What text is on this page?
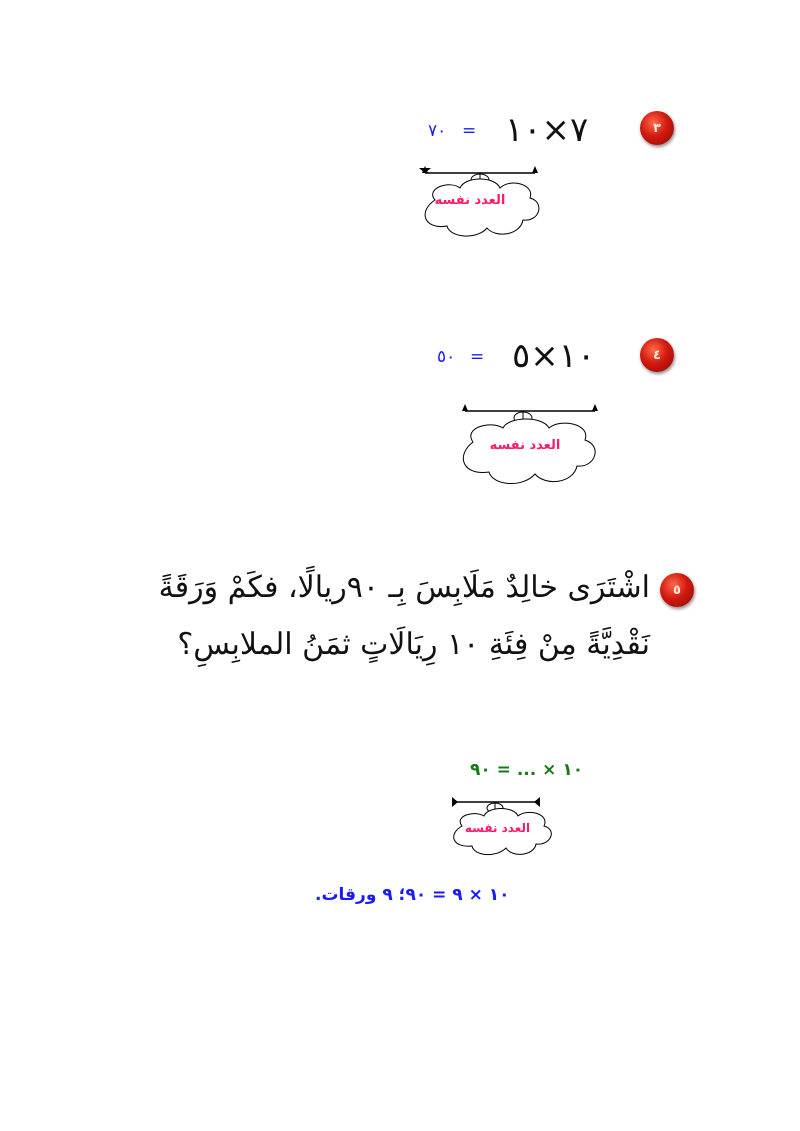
٣
٧×١٠
=
٧٠
العدد نفسه
٤
١٠×٥
=
٥٠
العدد نفسه
٥
اشْتَرَى خالِدٌ مَلَابِسَ بِـ ٩٠ريالًا، فكَمْ وَرَقَةً
نَقْدِيَّةً مِنْ فِئَةِ ١٠ رِيَالَاتٍ ثمَنُ الملابِسِ؟
١٠ × ... = ٩٠
العدد نفسه
١٠ × ٩ = ٩٠؛ ٩ ورقات.
